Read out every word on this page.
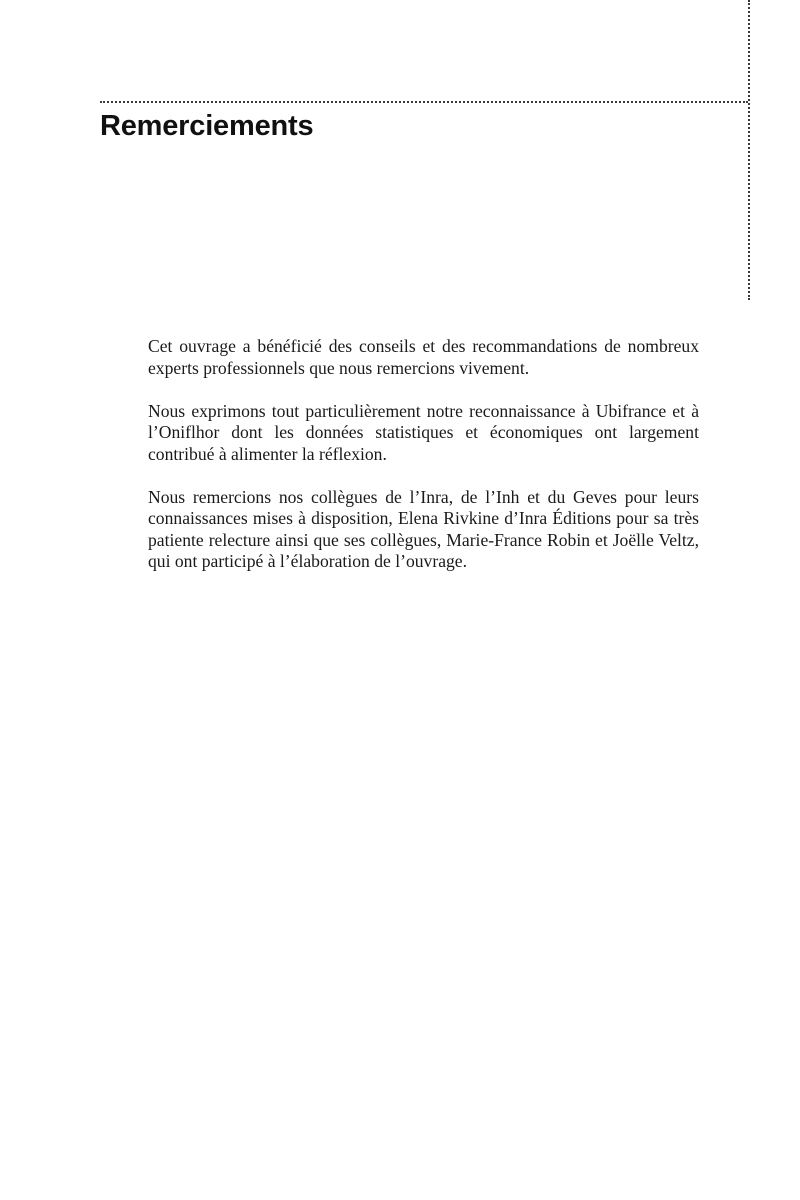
Remerciements

Cet ouvrage a bénéficié des conseils et des recommandations de nombreux experts professionnels que nous remercions vivement.

Nous exprimons tout particulièrement notre reconnaissance à Ubifrance et à l’Oniflhor dont les données statistiques et économiques ont largement contribué à alimenter la réflexion.

Nous remercions nos collègues de l’Inra, de l’Inh et du Geves pour leurs connaissances mises à disposition, Elena Rivkine d’Inra Éditions pour sa très patiente relecture ainsi que ses collègues, Marie-France Robin et Joëlle Veltz, qui ont participé à l’élaboration de l’ouvrage.
